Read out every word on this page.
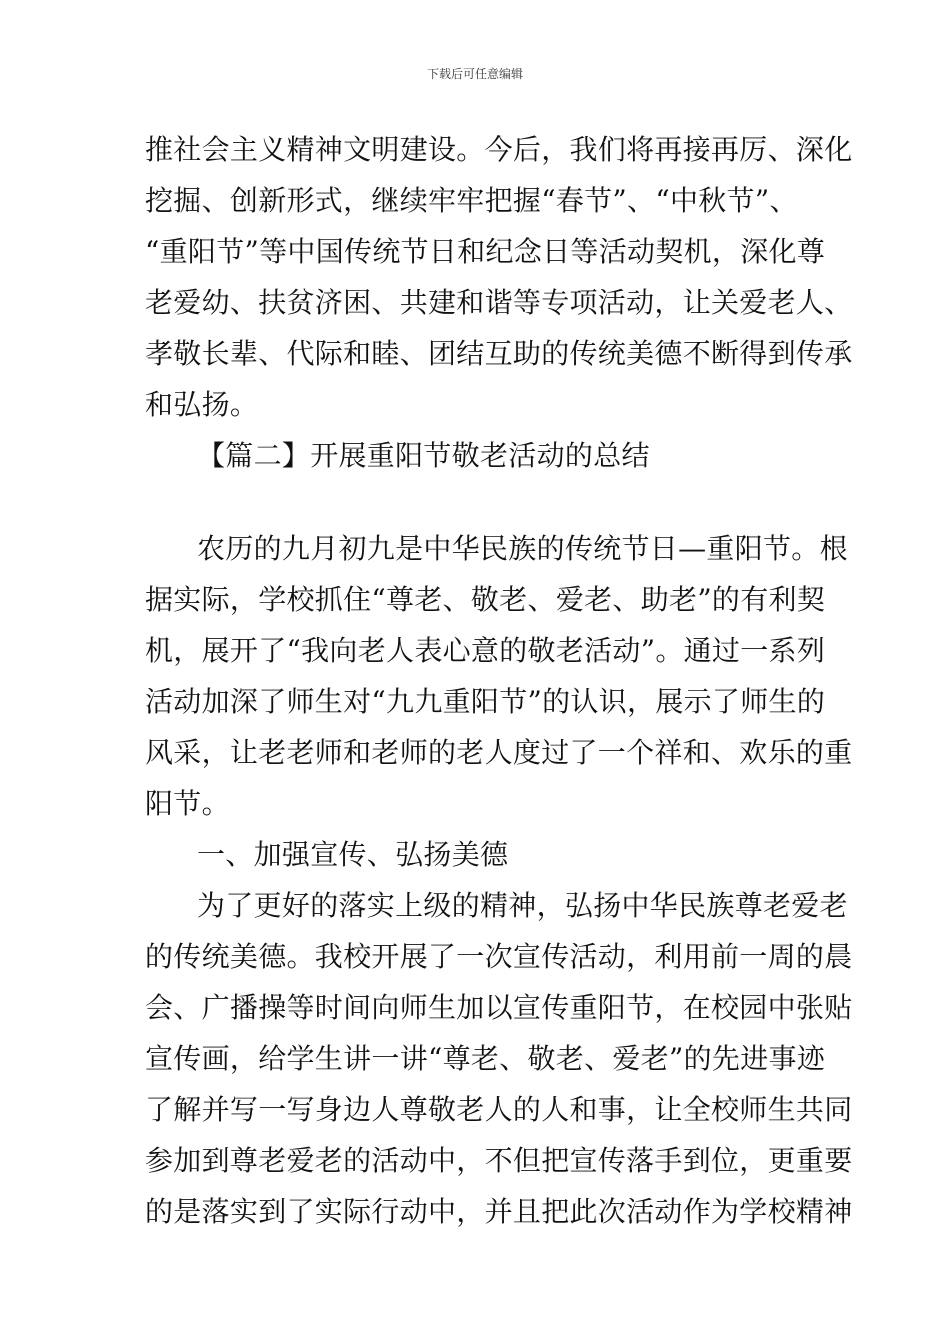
下载后可任意编辑
推社会主义精神文明建设。今后，我们将再接再厉、深化
挖掘、创新形式，继续牢牢把握“春节”、“中秋节”、
“重阳节”等中国传统节日和纪念日等活动契机，深化尊
老爱幼、扶贫济困、共建和谐等专项活动，让关爱老人、
孝敬长辈、代际和睦、团结互助的传统美德不断得到传承
和弘扬。
【篇二】开展重阳节敬老活动的总结
农历的九月初九是中华民族的传统节日—重阳节。根
据实际，学校抓住“尊老、敬老、爱老、助老”的有利契
机，展开了“我向老人表心意的敬老活动”。通过一系列
活动加深了师生对“九九重阳节”的认识，展示了师生的
风采，让老老师和老师的老人度过了一个祥和、欢乐的重
阳节。
一、加强宣传、弘扬美德
为了更好的落实上级的精神，弘扬中华民族尊老爱老
的传统美德。我校开展了一次宣传活动，利用前一周的晨
会、广播操等时间向师生加以宣传重阳节，在校园中张贴
宣传画，给学生讲一讲“尊老、敬老、爱老”的先进事迹
了解并写一写身边人尊敬老人的人和事，让全校师生共同
参加到尊老爱老的活动中，不但把宣传落手到位，更重要
的是落实到了实际行动中，并且把此次活动作为学校精神
